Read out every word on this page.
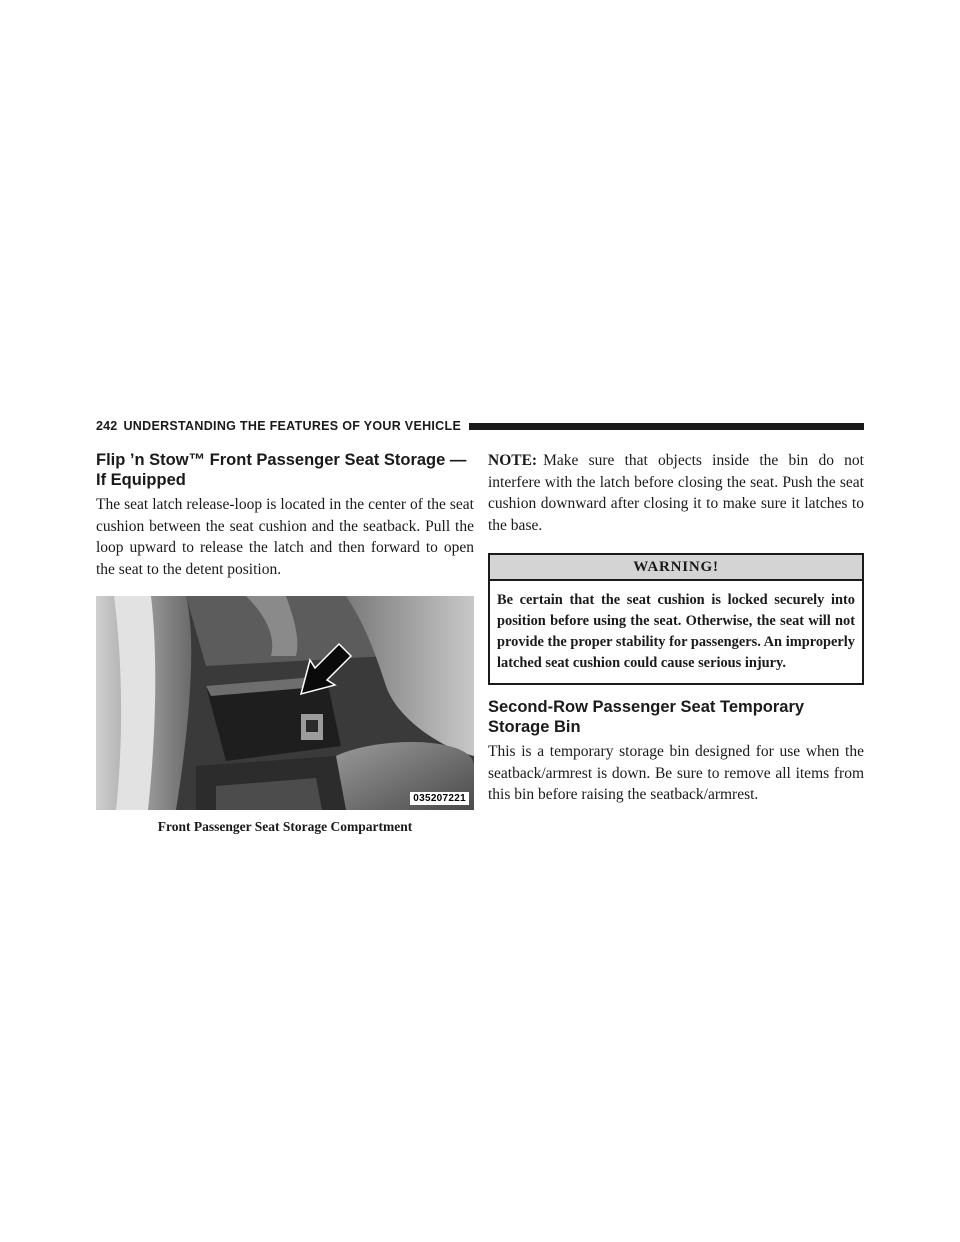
242 UNDERSTANDING THE FEATURES OF YOUR VEHICLE
Flip ’n Stow™ Front Passenger Seat Storage — If Equipped

The seat latch release-loop is located in the center of the seat cushion between the seat cushion and the seatback. Pull the loop upward to release the latch and then forward to open the seat to the detent position.

035207221
Front Passenger Seat Storage Compartment

NOTE: Make sure that objects inside the bin do not interfere with the latch before closing the seat. Push the seat cushion downward after closing it to make sure it latches to the base.

WARNING!
Be certain that the seat cushion is locked securely into position before using the seat. Otherwise, the seat will not provide the proper stability for passengers. An improperly latched seat cushion could cause serious injury.
Second-Row Passenger Seat Temporary Storage Bin

This is a temporary storage bin designed for use when the seatback/armrest is down. Be sure to remove all items from this bin before raising the seatback/armrest.
